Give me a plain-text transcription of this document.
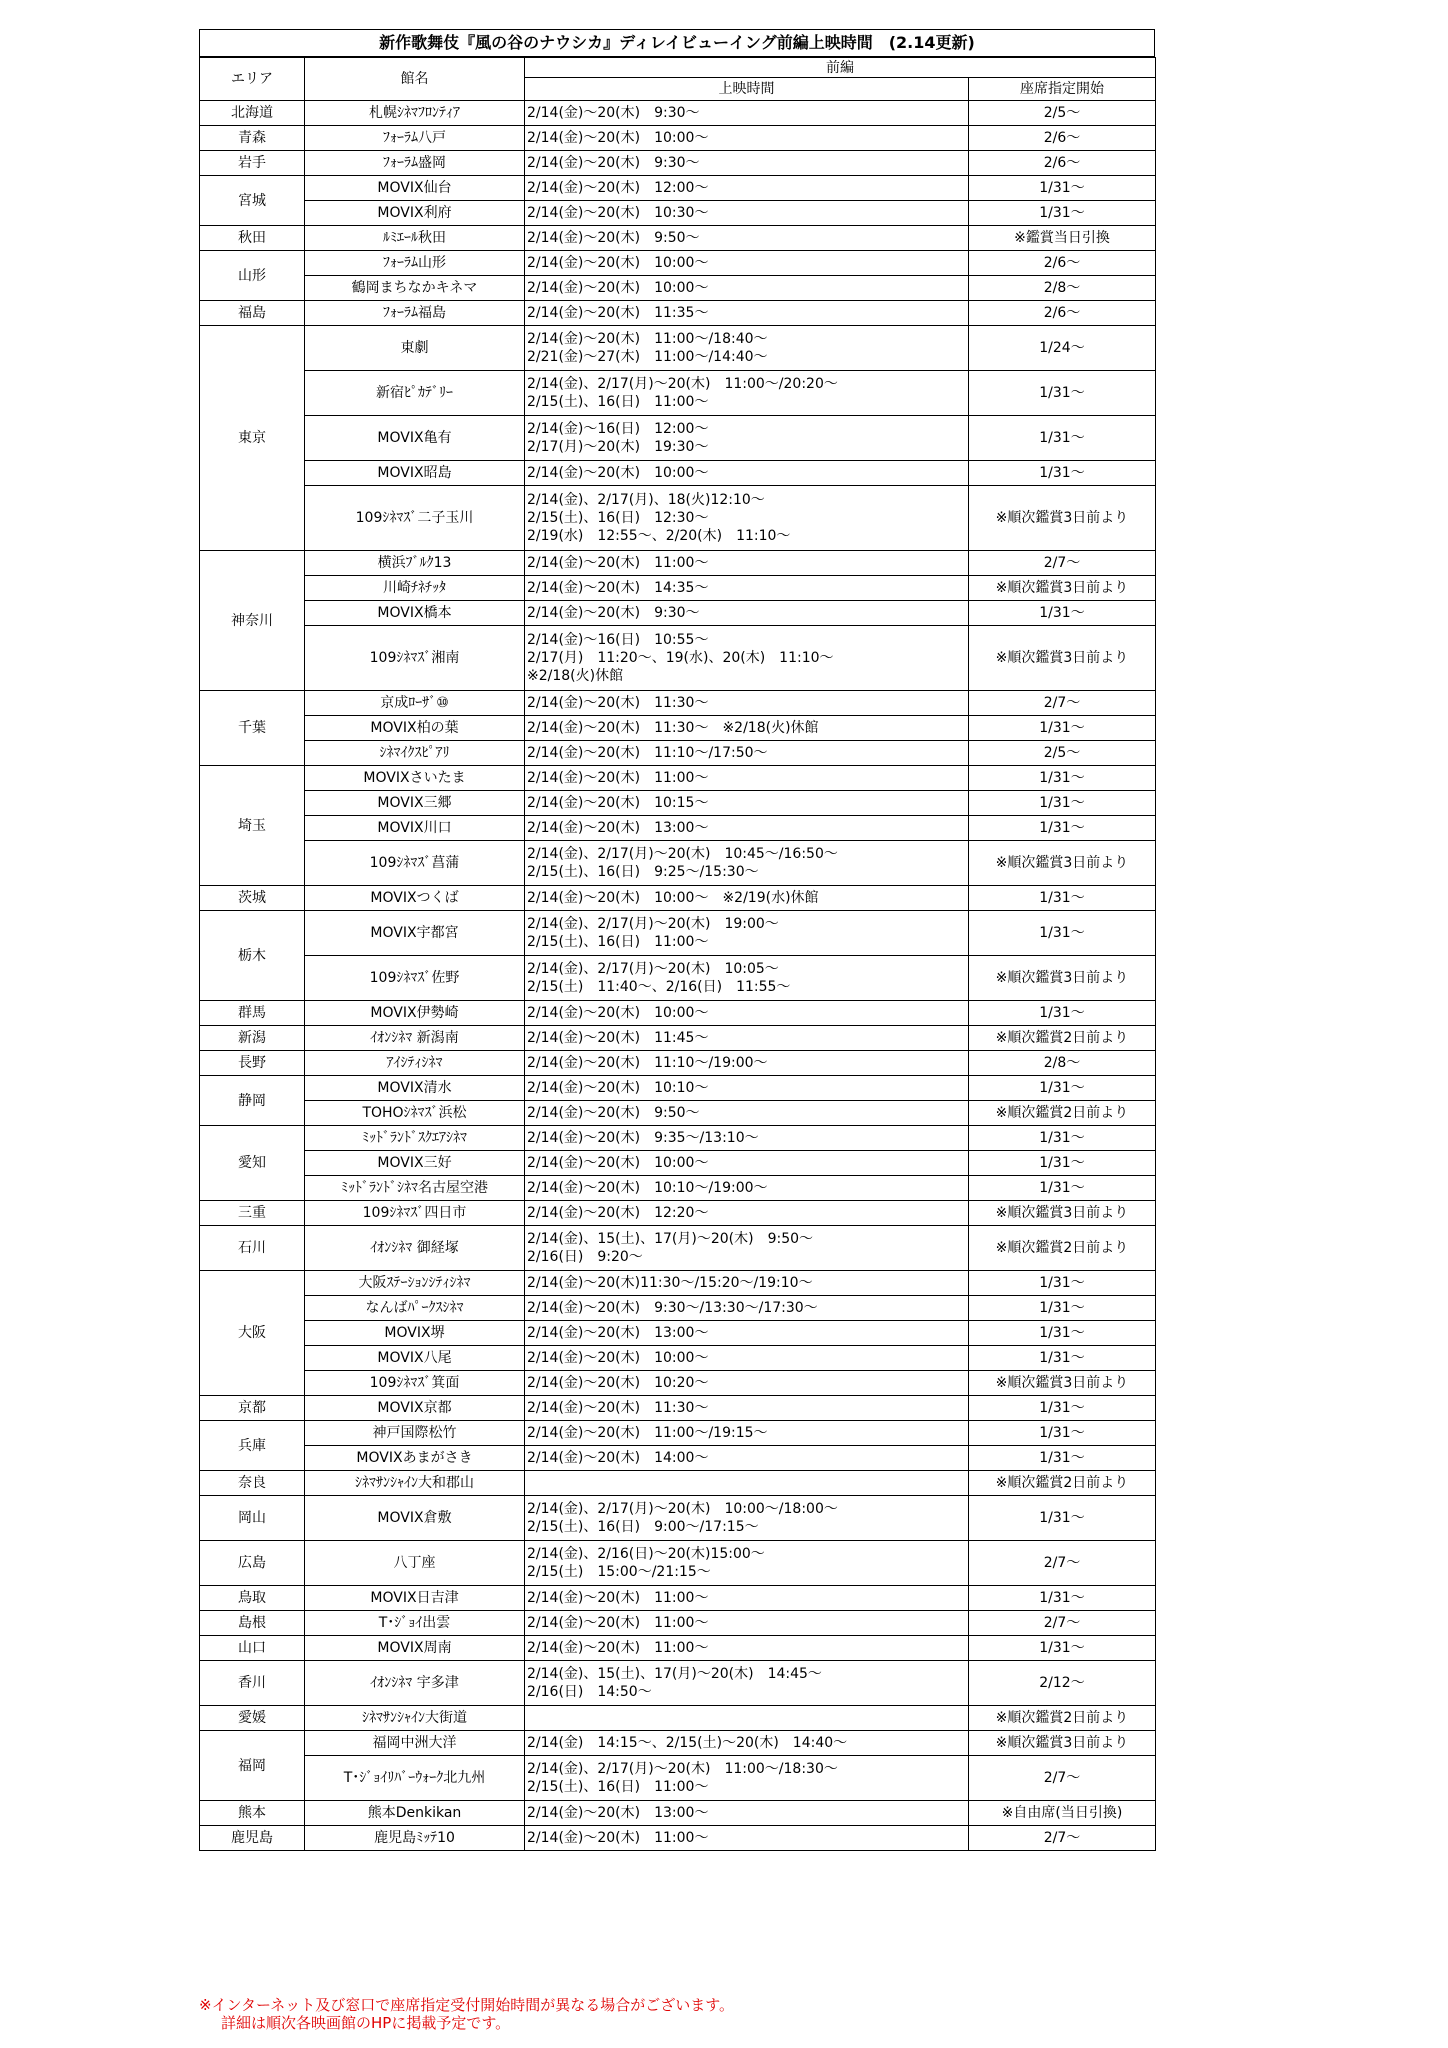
新作歌舞伎『風の谷のナウシカ』ディレイビューイング前編上映時間　(2.14更新)
エリア	館名	前編	
		上映時間	座席指定開始
北海道	札幌ｼﾈﾏﾌﾛﾝﾃｨｱ	2/14(金)～20(木)　9:30～	2/5～
青森	ﾌｫｰﾗﾑ八戸	2/14(金)～20(木)　10:00～	2/6～
岩手	ﾌｫｰﾗﾑ盛岡	2/14(金)～20(木)　9:30～	2/6～
宮城	MOVIX仙台	2/14(金)～20(木)　12:00～	1/31～
	MOVIX利府	2/14(金)～20(木)　10:30～	1/31～
秋田	ﾙﾐｴｰﾙ秋田	2/14(金)～20(木)　9:50～	※鑑賞当日引換
山形	ﾌｫｰﾗﾑ山形	2/14(金)～20(木)　10:00～	2/6～
	鶴岡まちなかキネマ	2/14(金)～20(木)　10:00～	2/8～
福島	ﾌｫｰﾗﾑ福島	2/14(金)～20(木)　11:35～	2/6～
東京	東劇	2/14(金)～20(木)　11:00～/18:40～
2/21(金)～27(木)　11:00～/14:40～	1/24～
	新宿ﾋﾟｶﾃﾞﾘｰ	2/14(金)、2/17(月)～20(木)　11:00～/20:20～
2/15(土)、16(日)　11:00～	1/31～
	MOVIX亀有	2/14(金)～16(日)　12:00～
2/17(月)～20(木)　19:30～	1/31～
	MOVIX昭島	2/14(金)～20(木)　10:00～	1/31～
	109ｼﾈﾏｽﾞ二子玉川	2/14(金)、2/17(月)、18(火)12:10～
2/15(土)、16(日)　12:30～
2/19(水)　12:55～、2/20(木)　11:10～	※順次鑑賞3日前より
神奈川	横浜ﾌﾞﾙｸ13	2/14(金)～20(木)　11:00～	2/7～
	川崎ﾁﾈﾁｯﾀ	2/14(金)～20(木)　14:35～	※順次鑑賞3日前より
	MOVIX橋本	2/14(金)～20(木)　9:30～	1/31～
	109ｼﾈﾏｽﾞ湘南	2/14(金)～16(日)　10:55～
2/17(月)　11:20～、19(水)、20(木)　11:10～
※2/18(火)休館	※順次鑑賞3日前より
千葉	京成ﾛｰｻﾞ⑩	2/14(金)～20(木)　11:30～	2/7～
	MOVIX柏の葉	2/14(金)～20(木)　11:30～　※2/18(火)休館	1/31～
	ｼﾈﾏｲｸｽﾋﾟｱﾘ	2/14(金)～20(木)　11:10～/17:50～	2/5～
埼玉	MOVIXさいたま	2/14(金)～20(木)　11:00～	1/31～
	MOVIX三郷	2/14(金)～20(木)　10:15～	1/31～
	MOVIX川口	2/14(金)～20(木)　13:00～	1/31～
	109ｼﾈﾏｽﾞ菖蒲	2/14(金)、2/17(月)～20(木)　10:45～/16:50～
2/15(土)、16(日)　9:25～/15:30～	※順次鑑賞3日前より
茨城	MOVIXつくば	2/14(金)～20(木)　10:00～　※2/19(水)休館	1/31～
栃木	MOVIX宇都宮	2/14(金)、2/17(月)～20(木)　19:00～
2/15(土)、16(日)　11:00～	1/31～
	109ｼﾈﾏｽﾞ佐野	2/14(金)、2/17(月)～20(木)　10:05～
2/15(土)　11:40～、2/16(日)　11:55～	※順次鑑賞3日前より
群馬	MOVIX伊勢崎	2/14(金)～20(木)　10:00～	1/31～
新潟	ｲｵﾝｼﾈﾏ 新潟南	2/14(金)～20(木)　11:45～	※順次鑑賞2日前より
長野	ｱｲｼﾃｨｼﾈﾏ	2/14(金)～20(木)　11:10～/19:00～	2/8～
静岡	MOVIX清水	2/14(金)～20(木)　10:10～	1/31～
	TOHOｼﾈﾏｽﾞ浜松	2/14(金)～20(木)　9:50～	※順次鑑賞2日前より
愛知	ﾐｯﾄﾞﾗﾝﾄﾞｽｸｴｱｼﾈﾏ	2/14(金)～20(木)　9:35～/13:10～	1/31～
	MOVIX三好	2/14(金)～20(木)　10:00～	1/31～
	ﾐｯﾄﾞﾗﾝﾄﾞｼﾈﾏ名古屋空港	2/14(金)～20(木)　10:10～/19:00～	1/31～
三重	109ｼﾈﾏｽﾞ四日市	2/14(金)～20(木)　12:20～	※順次鑑賞3日前より
石川	ｲｵﾝｼﾈﾏ 御経塚	2/14(金)、15(土)、17(月)～20(木)　9:50～
2/16(日)　9:20～	※順次鑑賞2日前より
大阪	大阪ｽﾃｰｼｮﾝｼﾃｨｼﾈﾏ	2/14(金)～20(木)11:30～/15:20～/19:10～	1/31～
	なんばﾊﾟｰｸｽｼﾈﾏ	2/14(金)～20(木)　9:30～/13:30～/17:30～	1/31～
	MOVIX堺	2/14(金)～20(木)　13:00～	1/31～
	MOVIX八尾	2/14(金)～20(木)　10:00～	1/31～
	109ｼﾈﾏｽﾞ箕面	2/14(金)～20(木)　10:20～	※順次鑑賞3日前より
京都	MOVIX京都	2/14(金)～20(木)　11:30～	1/31～
兵庫	神戸国際松竹	2/14(金)～20(木)　11:00～/19:15～	1/31～
	MOVIXあまがさき	2/14(金)～20(木)　14:00～	1/31～
奈良	ｼﾈﾏｻﾝｼｬｲﾝ大和郡山		※順次鑑賞2日前より
岡山	MOVIX倉敷	2/14(金)、2/17(月)～20(木)　10:00～/18:00～
2/15(土)、16(日)　9:00～/17:15～	1/31～
広島	八丁座	2/14(金)、2/16(日)～20(木)15:00～
2/15(土)　15:00～/21:15～	2/7～
鳥取	MOVIX日吉津	2/14(金)～20(木)　11:00～	1/31～
島根	T･ｼﾞｮｲ出雲	2/14(金)～20(木)　11:00～	2/7～
山口	MOVIX周南	2/14(金)～20(木)　11:00～	1/31～
香川	ｲｵﾝｼﾈﾏ 宇多津	2/14(金)、15(土)、17(月)～20(木)　14:45～
2/16(日)　14:50～	2/12～
愛媛	ｼﾈﾏｻﾝｼｬｲﾝ大街道		※順次鑑賞2日前より
福岡	福岡中洲大洋	2/14(金)　14:15～、2/15(土)～20(木)　14:40～	※順次鑑賞3日前より
	T･ｼﾞｮｲﾘﾊﾞｰｳｫｰｸ北九州	2/14(金)、2/17(月)～20(木)　11:00～/18:30～
2/15(土)、16(日)　11:00～	2/7～
熊本	熊本Denkikan	2/14(金)～20(木)　13:00～	※自由席(当日引換)
鹿児島	鹿児島ﾐｯﾃ10	2/14(金)～20(木)　11:00～	2/7～
※インターネット及び窓口で座席指定受付開始時間が異なる場合がございます。
詳細は順次各映画館のHPに掲載予定です。
